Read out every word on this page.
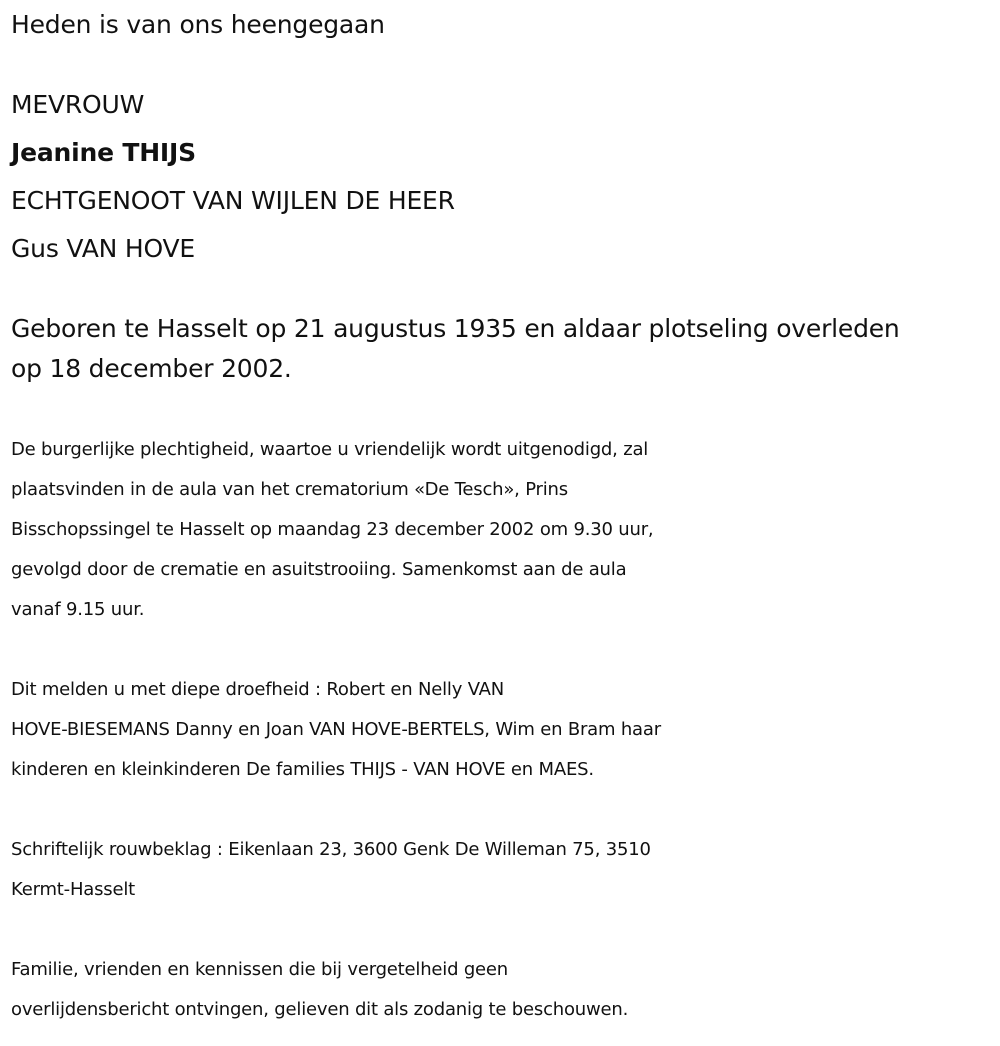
Heden is van ons heengegaan

MEVROUW

Jeanine THIJS

ECHTGENOOT VAN WIJLEN DE HEER

Gus VAN HOVE

Geboren te Hasselt op 21 augustus 1935 en aldaar plotseling overleden
op 18 december 2002.
De burgerlijke plechtigheid, waartoe u vriendelijk wordt uitgenodigd, zal
plaatsvinden in de aula van het crematorium «De Tesch», Prins
Bisschopssingel te Hasselt op maandag 23 december 2002 om 9.30 uur,
gevolgd door de crematie en asuitstrooiing. Samenkomst aan de aula
vanaf 9.15 uur.
Dit melden u met diepe droefheid : Robert en Nelly VAN
HOVE-BIESEMANS Danny en Joan VAN HOVE-BERTELS, Wim en Bram haar
kinderen en kleinkinderen De families THIJS - VAN HOVE en MAES.
Schriftelijk rouwbeklag : Eikenlaan 23, 3600 Genk De Willeman 75, 3510
Kermt-Hasselt
Familie, vrienden en kennissen die bij vergetelheid geen
overlijdensbericht ontvingen, gelieven dit als zodanig te beschouwen.
